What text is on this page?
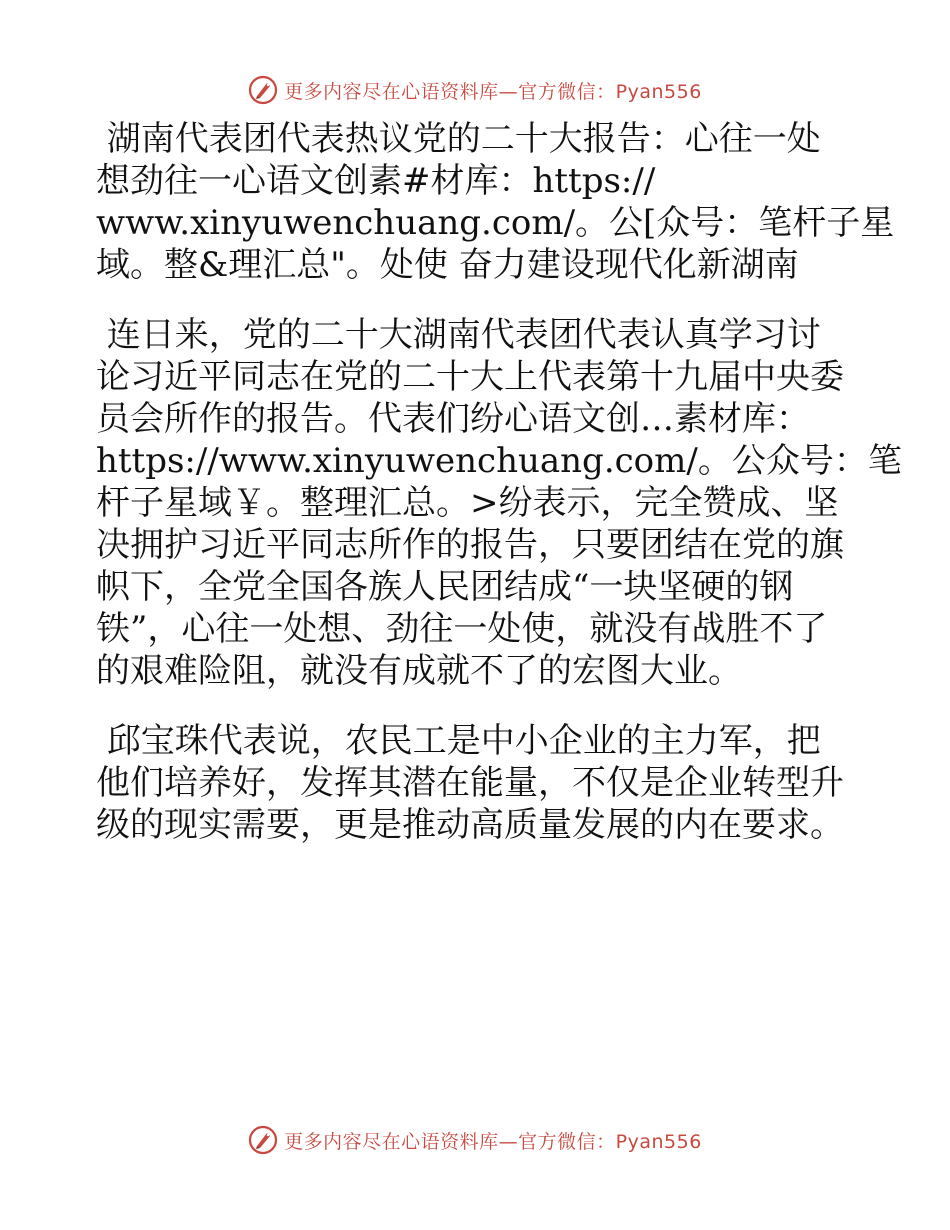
更多内容尽在心语资料库—官方微信：Pyan556
湖南代表团代表热议党的二十大报告：心往一处
想劲往一心语文创素#材库：https://
www.xinyuwenchuang.com/。公[众号：笔杆子星
域。整&理汇总"。处使 奋力建设现代化新湖南
连日来，党的二十大湖南代表团代表认真学习讨
论习近平同志在党的二十大上代表第十九届中央委
员会所作的报告。代表们纷心语文创…素材库：
https://www.xinyuwenchuang.com/。公众号：笔
杆子星域￥。整理汇总。>纷表示，完全赞成、坚
决拥护习近平同志所作的报告，只要团结在党的旗
帜下，全党全国各族人民团结成“一块坚硬的钢
铁”，心往一处想、劲往一处使，就没有战胜不了
的艰难险阻，就没有成就不了的宏图大业。
邱宝珠代表说，农民工是中小企业的主力军，把
他们培养好，发挥其潜在能量，不仅是企业转型升
级的现实需要，更是推动高质量发展的内在要求。
更多内容尽在心语资料库—官方微信：Pyan556
